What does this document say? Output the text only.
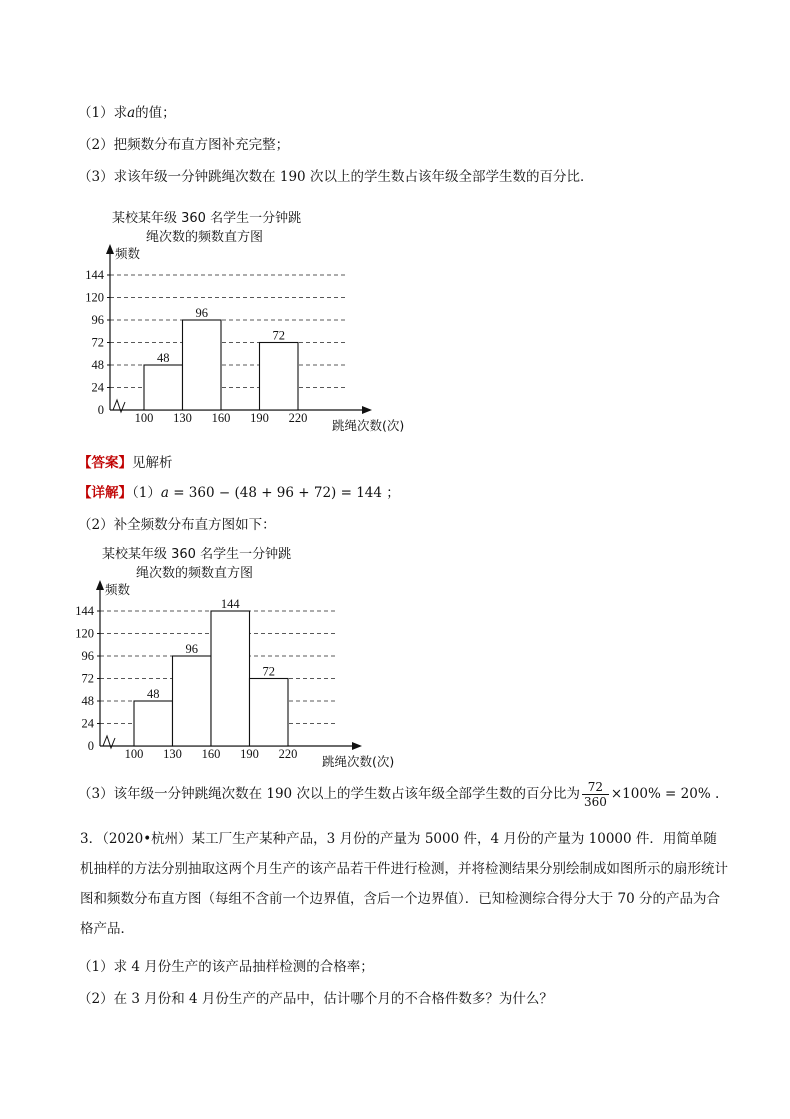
（1）求a的值；
（2）把频数分布直方图补充完整；
（3）求该年级一分钟跳绳次数在 190 次以上的学生数占该年级全部学生数的百分比．
某校某年级 360 名学生一分钟跳
绳次数的频数直方图
0
24
48
72
96
120
144
频数
跳绳次数(次)
100 130 160 190 220
48
96
72
【答案】见解析
【详解】（1）a = 360 − (48 + 96 + 72) = 144 ；
（2）补全频数分布直方图如下：
某校某年级 360 名学生一分钟跳
绳次数的频数直方图
0
24
48
72
96
120
144
频数
跳绳次数(次)
100 130 160 190 220
48
96
144
72
（3）该年级一分钟跳绳次数在 190 次以上的学生数占该年级全部学生数的百分比为 $\frac{72}{360} \times 100\% = 20\%$ .
3．（2020•杭州）某工厂生产某种产品，3 月份的产量为 5000 件，4 月份的产量为 10000 件．用简单随机抽样的方法分别抽取这两个月生产的该产品若干件进行检测，并将检测结果分别绘制成如图所示的扇形统计图和频数分布直方图（每组不含前一个边界值，含后一个边界值）．已知检测综合得分大于 70 分的产品为合格产品．
（1）求 4 月份生产的该产品抽样检测的合格率；
（2）在 3 月份和 4 月份生产的产品中，估计哪个月的不合格件数多？为什么？
